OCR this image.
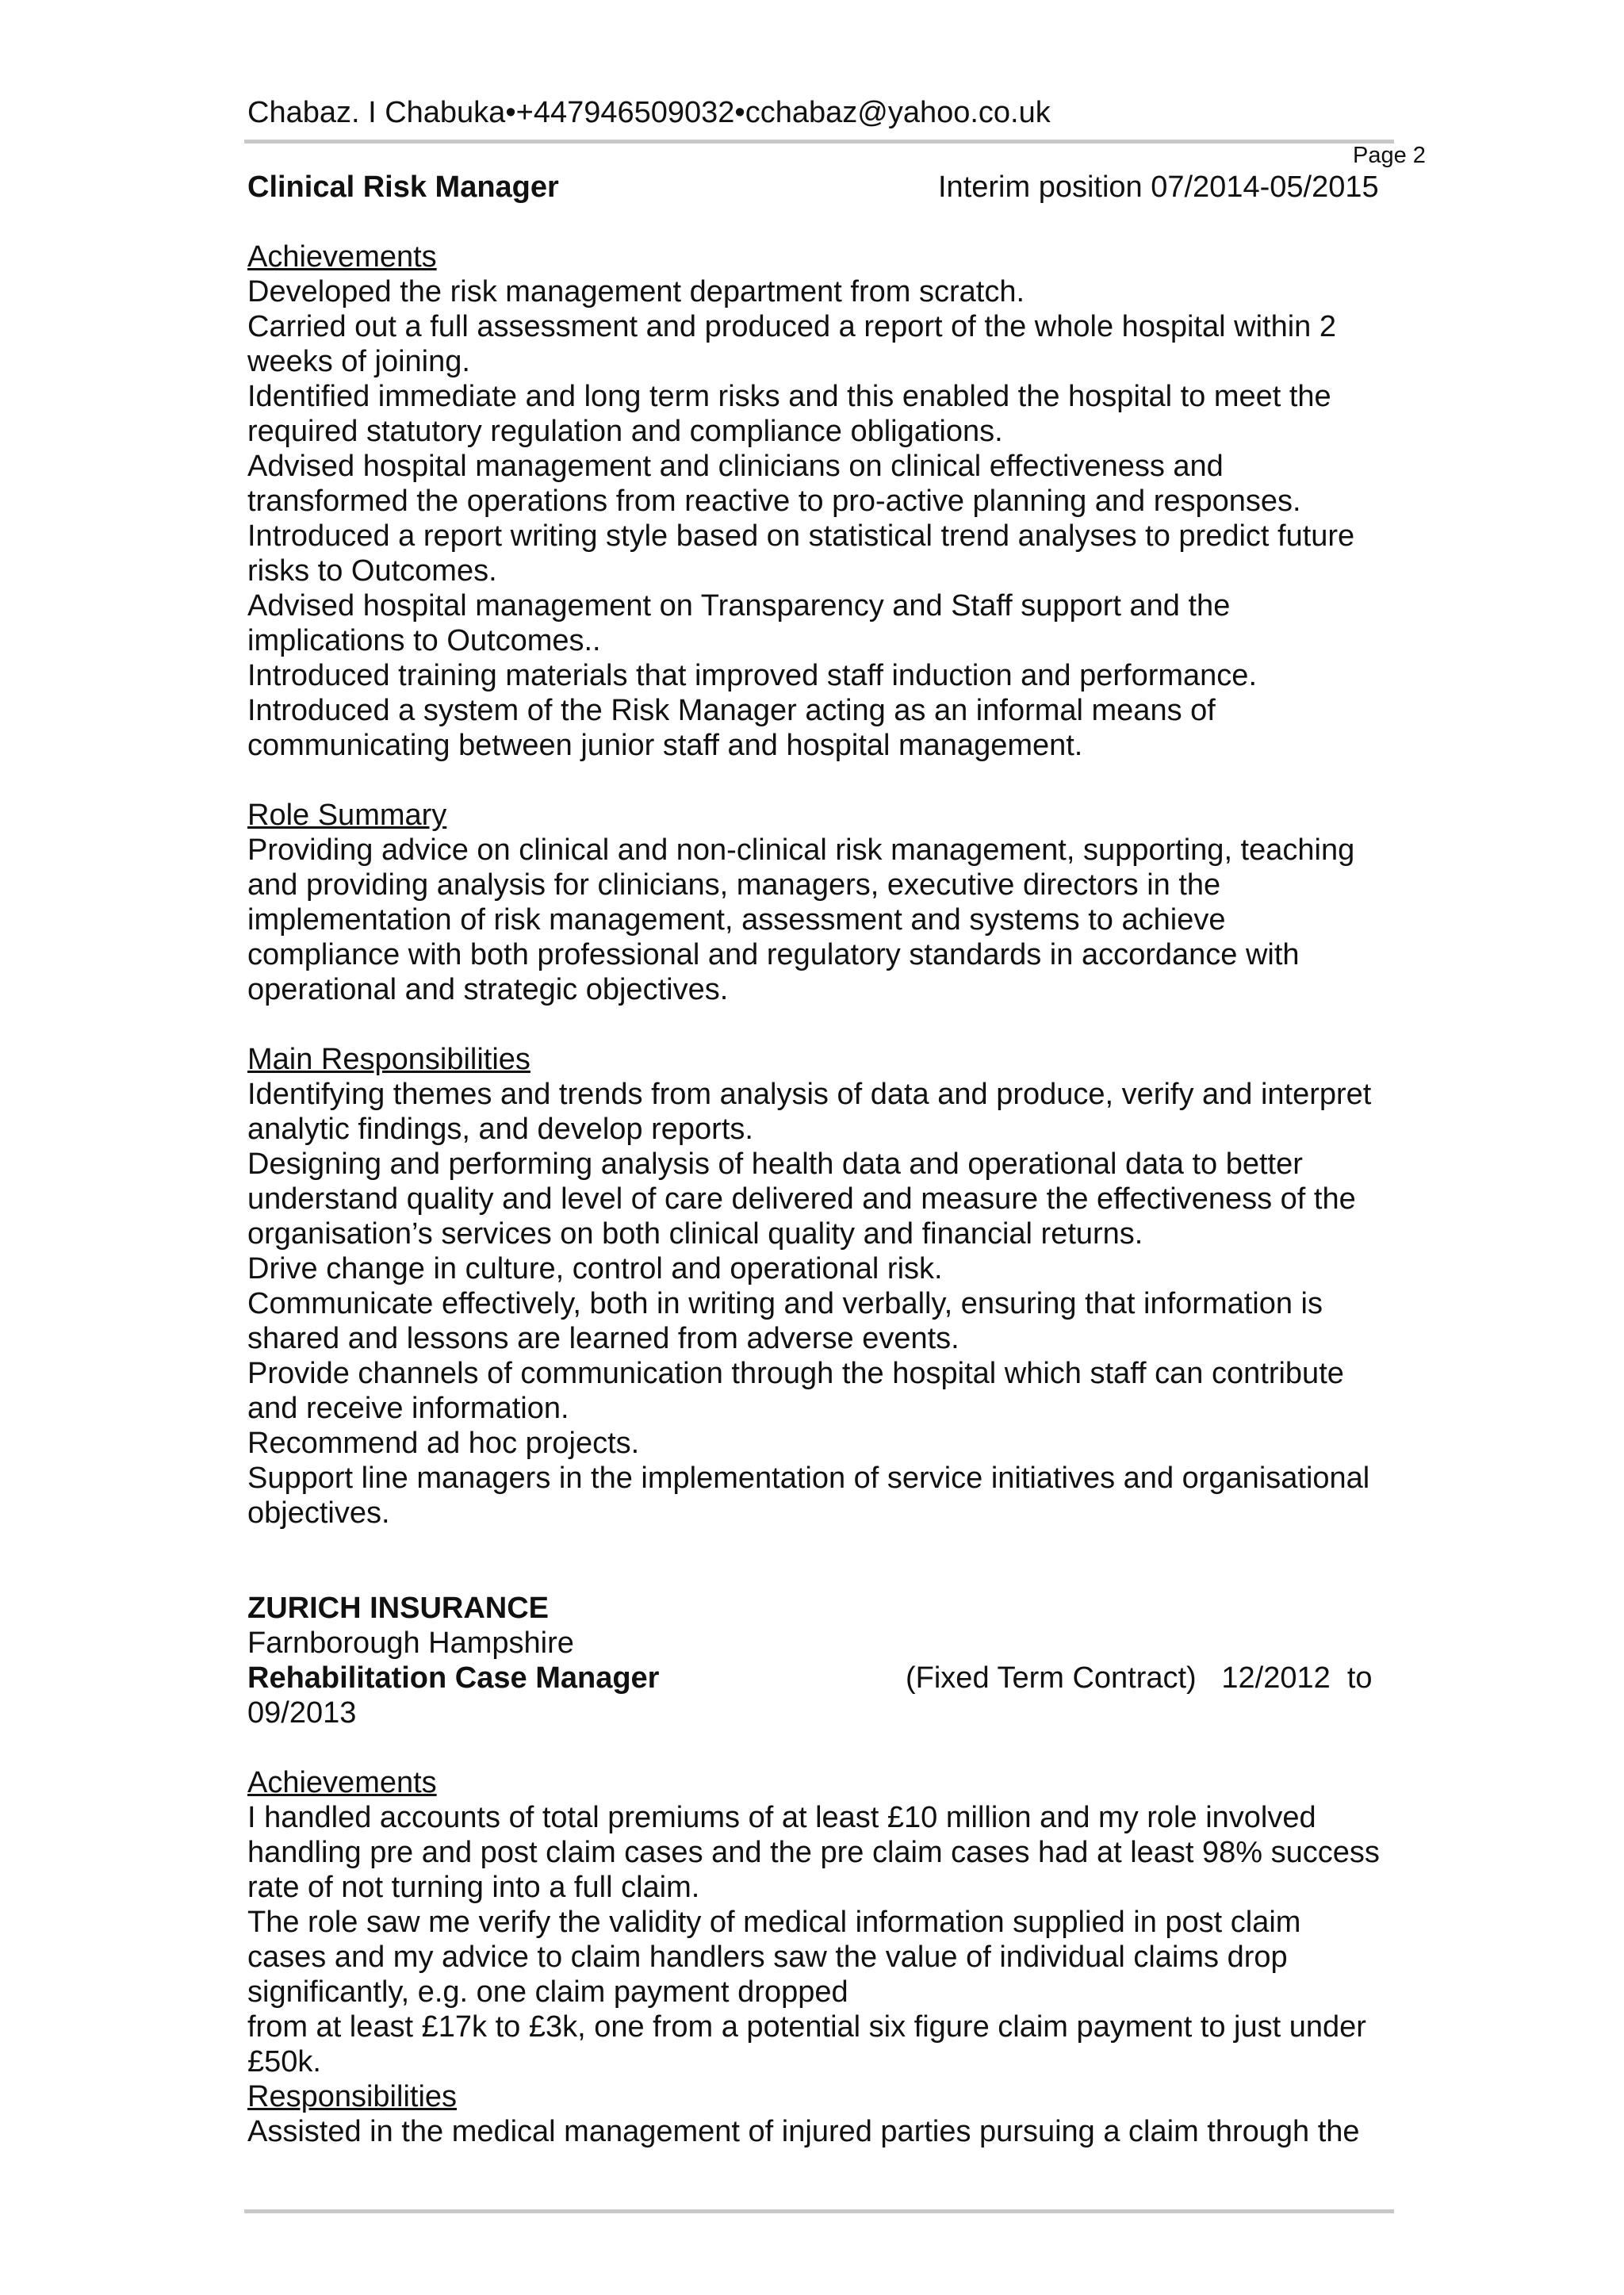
Chabaz. I Chabuka•+447946509032•cchabaz@yahoo.co.uk
Page 2
Clinical Risk Manager	Interim position 07/2014-05/2015
Achievements
Developed the risk management department from scratch.
Carried out a full assessment and produced a report of the whole hospital within 2
weeks of joining.
Identified immediate and long term risks and this enabled the hospital to meet the
required statutory regulation and compliance obligations.
Advised hospital management and clinicians on clinical effectiveness and
transformed the operations from reactive to pro-active planning and responses.
Introduced a report writing style based on statistical trend analyses to predict future
risks to Outcomes.
Advised hospital management on Transparency and Staff support and the
implications to Outcomes..
Introduced training materials that improved staff induction and performance.
Introduced a system of the Risk Manager acting as an informal means of
communicating between junior staff and hospital management.
Role Summary
Providing advice on clinical and non-clinical risk management, supporting, teaching
and providing analysis for clinicians, managers, executive directors in the
implementation of risk management, assessment and systems to achieve
compliance with both professional and regulatory standards in accordance with
operational and strategic objectives.
Main Responsibilities
Identifying themes and trends from analysis of data and produce, verify and interpret
analytic findings, and develop reports.
Designing and performing analysis of health data and operational data to better
understand quality and level of care delivered and measure the effectiveness of the
organisation’s services on both clinical quality and financial returns.
Drive change in culture, control and operational risk.
Communicate effectively, both in writing and verbally, ensuring that information is
shared and lessons are learned from adverse events.
Provide channels of communication through the hospital which staff can contribute
and receive information.
Recommend ad hoc projects.
Support line managers in the implementation of service initiatives and organisational
objectives.
ZURICH INSURANCE
Farnborough Hampshire
Rehabilitation Case Manager	(Fixed Term Contract)   12/2012  to
09/2013
Achievements
I handled accounts of total premiums of at least £10 million and my role involved
handling pre and post claim cases and the pre claim cases had at least 98% success
rate of not turning into a full claim.
The role saw me verify the validity of medical information supplied in post claim
cases and my advice to claim handlers saw the value of individual claims drop
significantly, e.g. one claim payment dropped
from at least £17k to £3k, one from a potential six figure claim payment to just under
£50k.
Responsibilities
Assisted in the medical management of injured parties pursuing a claim through the
